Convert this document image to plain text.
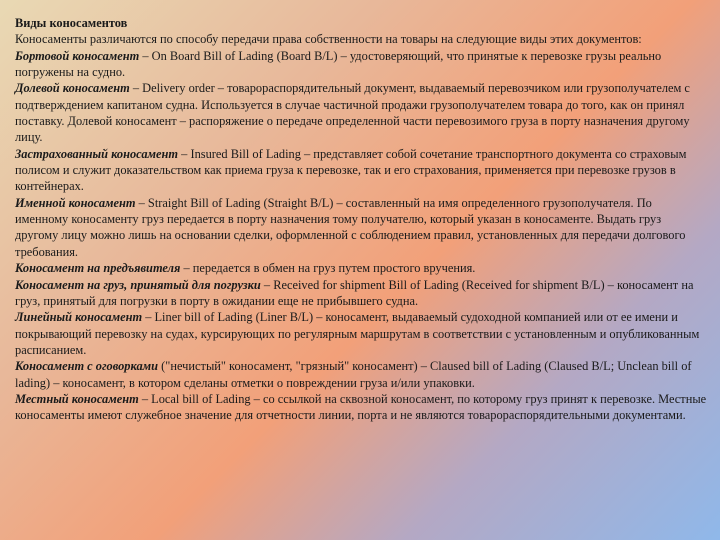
Виды коносаментов
Коносаменты различаются по способу передачи права собственности на товары на следующие виды этих документов:
Бортовой коносамент – On Board Bill of Lading (Board B/L) – удостоверяющий, что принятые к перевозке грузы реально погружены на судно.
Долевой коносамент – Delivery order – товарораспорядительный документ, выдаваемый перевозчиком или грузополучателем с подтверждением капитаном судна. Используется в случае частичной продажи грузополучателем товара до того, как он принял поставку. Долевой коносамент – распоряжение о передаче определенной части перевозимого груза в порту назначения другому лицу.
Застрахованный коносамент – Insured Bill of Lading – представляет собой сочетание транспортного документа со страховым полисом и служит доказательством как приема груза к перевозке, так и его страхования, применяется при перевозке грузов в контейнерах.
Именной коносамент – Straight Bill of Lading (Straight B/L) – составленный на имя определенного грузополучателя. По именному коносаменту груз передается в порту назначения тому получателю, который указан в коносаменте. Выдать груз другому лицу можно лишь на основании сделки, оформленной с соблюдением правил, установленных для передачи долгового требования.
Коносамент на предъявителя – передается в обмен на груз путем простого вручения.
Коносамент на груз, принятый для погрузки – Received for shipment Bill of Lading (Received for shipment B/L) – коносамент на груз, принятый для погрузки в порту в ожидании еще не прибывшего судна.
Линейный коносамент – Liner bill of Lading (Liner B/L) – коносамент, выдаваемый судоходной компанией или от ее имени и покрывающий перевозку на судах, курсирующих по регулярным маршрутам в соответствии с установленным и опубликованным расписанием.
Коносамент с оговорками ("нечистый" коносамент, "грязный" коносамент) – Claused bill of Lading (Claused B/L; Unclean bill of lading) – коносамент, в котором сделаны отметки о повреждении груза и/или упаковки.
Местный коносамент – Local bill of Lading – со ссылкой на сквозной коносамент, по которому груз принят к перевозке. Местные коносаменты имеют служебное значение для отчетности линии, порта и не являются товарораспорядительными документами.
